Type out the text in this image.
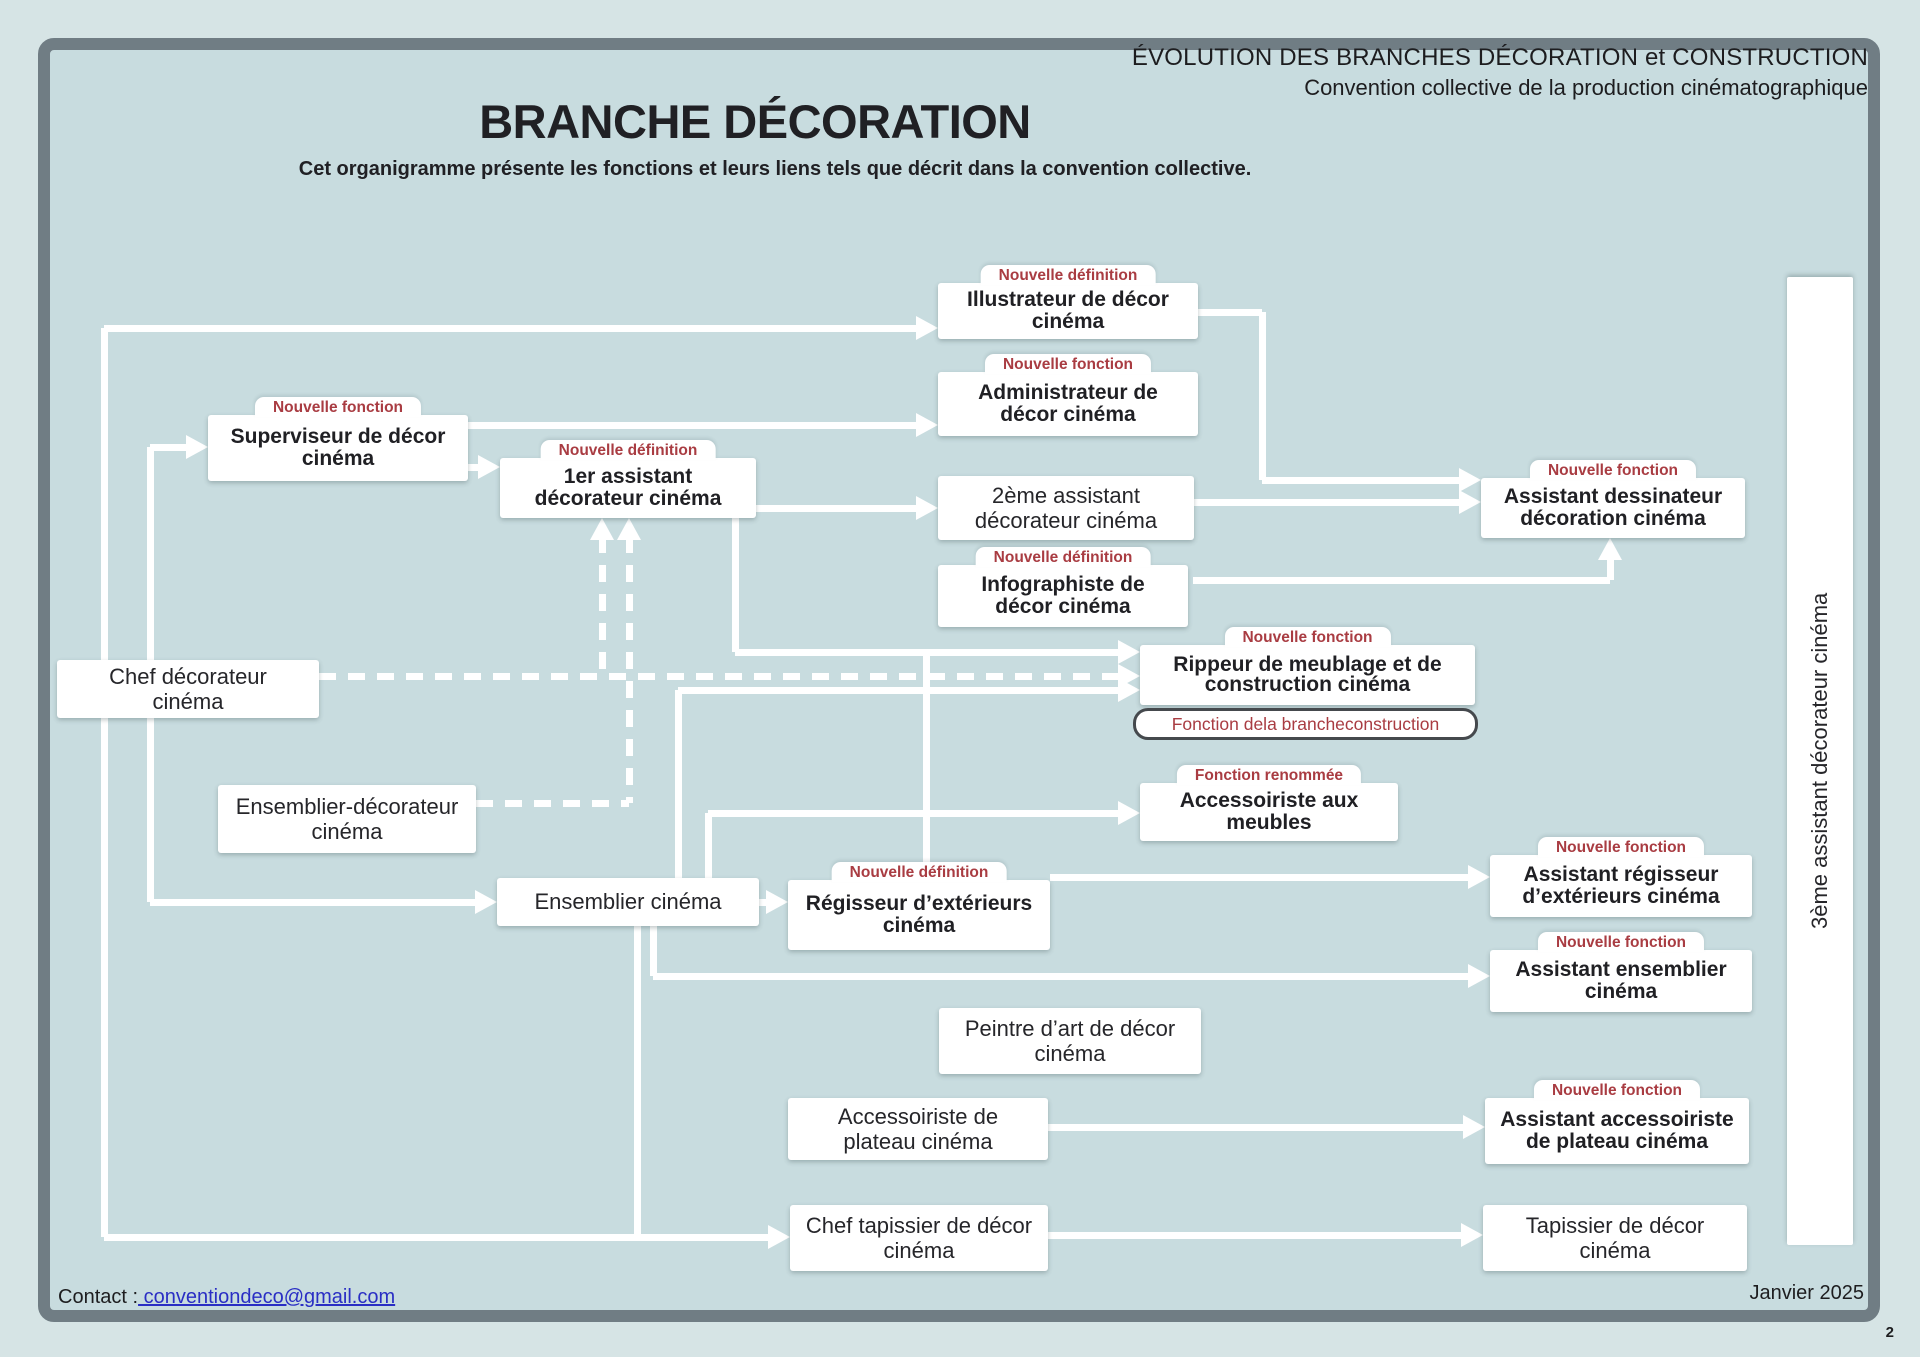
ÉVOLUTION DES BRANCHES DÉCORATION et CONSTRUCTION
Convention collective de la production cinématographique
BRANCHE DÉCORATION
Cet organigramme présente les fonctions et leurs liens tels que décrit dans la convention collective.
Nouvelle définition
Illustrateur de décor cinéma
Nouvelle fonction
Administrateur de décor cinéma
Nouvelle fonction
Superviseur de décor cinéma	Nouvelle définition
1er assistant décorateur cinéma	2ème assistant décorateur cinéma
Nouvelle définition
Infographiste de décor cinéma
Nouvelle fonction
Assistant dessinateur décoration cinéma
Chef décorateur cinéma
Nouvelle fonction
Rippeur de meublage et de construction cinéma
Fonction dela brancheconstruction
Ensemblier-décorateur cinéma
Fonction renommée
Accessoiriste aux meubles
Ensemblier cinéma
Nouvelle définition
Régisseur d’extérieurs cinéma
Nouvelle fonction
Assistant régisseur d’extérieurs cinéma
Nouvelle fonction
Assistant ensemblier cinéma
Peintre d’art de décor cinéma
Accessoiriste de plateau cinéma
Nouvelle fonction
Assistant accessoiriste de plateau cinéma
Chef tapissier de décor cinéma
Tapissier de décor cinéma
3ème assistant décorateur cinéma
Contact : conventiondeco@gmail.com	Janvier 2025
2
